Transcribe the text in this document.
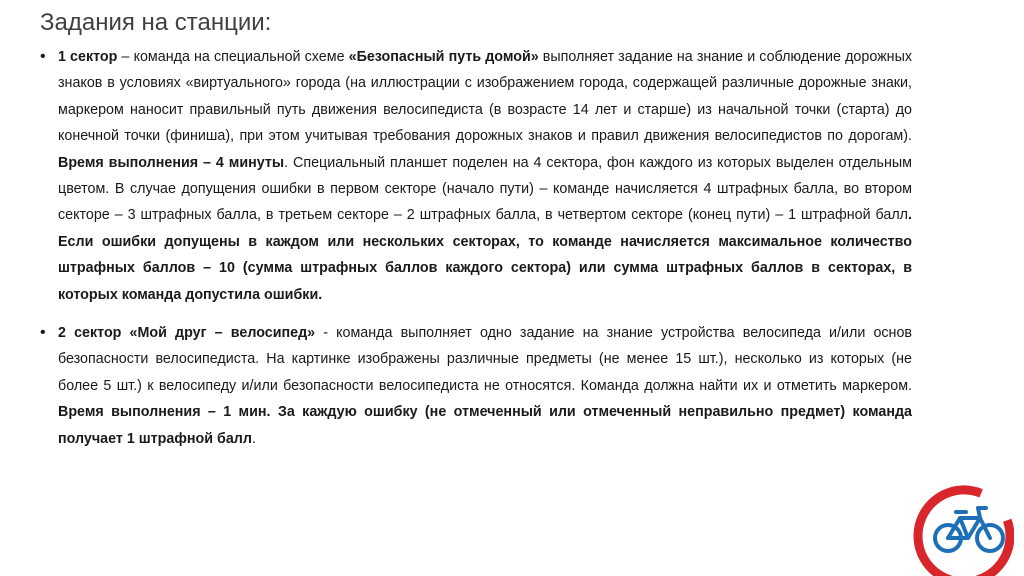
Задания на станции:
• 1 сектор – команда на специальной схеме «Безопасный путь домой» выполняет задание на знание и соблюдение дорожных знаков в условиях «виртуального» города (на иллюстрации с изображением города, содержащей различные дорожные знаки, маркером наносит правильный путь движения велосипедиста (в возрасте 14 лет и старше) из начальной точки (старта) до конечной точки (финиша), при этом учитывая требования дорожных знаков и правил движения велосипедистов по дорогам). Время выполнения – 4 минуты. Специальный планшет поделен на 4 сектора, фон каждого из которых выделен отдельным цветом. В случае допущения ошибки в первом секторе (начало пути) – команде начисляется 4 штрафных балла, во втором секторе – 3 штрафных балла, в третьем секторе – 2 штрафных балла, в четвертом секторе (конец пути) – 1 штрафной балл. Если ошибки допущены в каждом или нескольких секторах, то команде начисляется максимальное количество штрафных баллов – 10 (сумма штрафных баллов каждого сектора) или сумма штрафных баллов в секторах, в которых команда допустила ошибки.
• 2 сектор «Мой друг – велосипед» - команда выполняет одно задание на знание устройства велосипеда и/или основ безопасности велосипедиста. На картинке изображены различные предметы (не менее 15 шт.), несколько из которых (не более 5 шт.) к велосипеду и/или безопасности велосипедиста не относятся. Команда должна найти их и отметить маркером. Время выполнения – 1 мин. За каждую ошибку (не отмеченный или отмеченный неправильно предмет) команда получает 1 штрафной балл.
